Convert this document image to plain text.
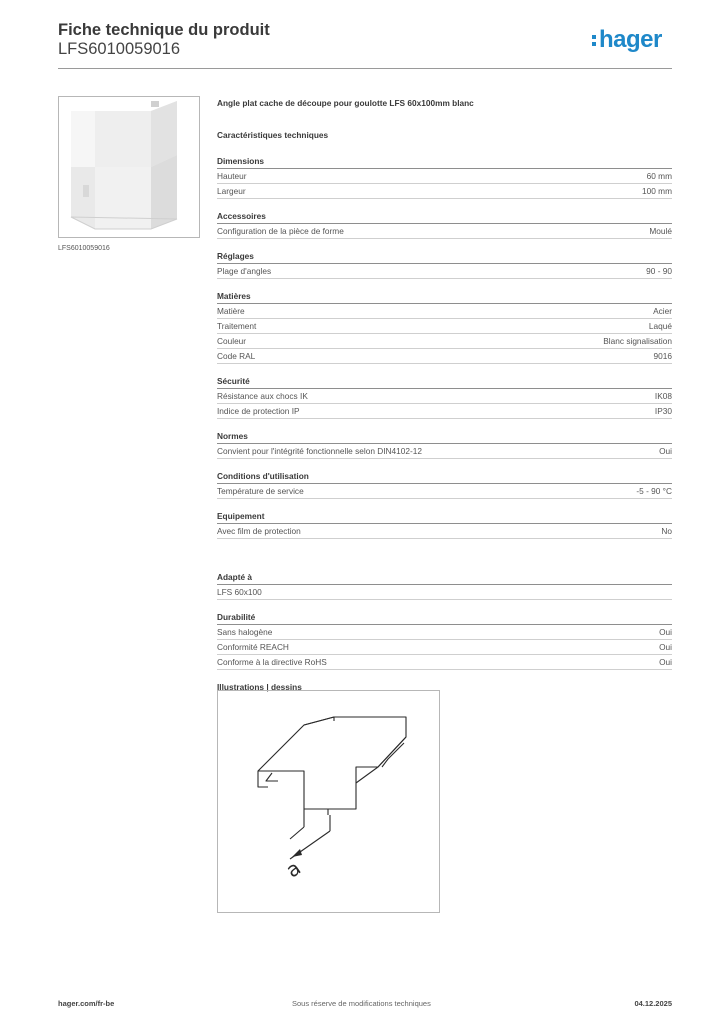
Fiche technique du produit
LFS6010059016	hager
LFS6010059016
Angle plat cache de découpe pour goulotte LFS 60x100mm blanc
Caractéristiques techniques
Dimensions
Hauteur	60 mm
Largeur	100 mm
Accessoires
Configuration de la pièce de forme	Moulé
Réglages
Plage d'angles	90 - 90
Matières
Matière	Acier
Traitement	Laqué
Couleur	Blanc signalisation
Code RAL	9016
Sécurité
Résistance aux chocs IK	IK08
Indice de protection IP	IP30
Normes
Convient pour l'intégrité fonctionnelle selon DIN4102-12	Oui
Conditions d'utilisation
Température de service	-5 - 90 °C
Equipement
Avec film de protection	No
Adapté à
LFS 60x100
Durabilité
Sans halogène	Oui
Conformité REACH	Oui
Conforme à la directive RoHS	Oui
Illustrations | dessins
a
hager.com/fr-be	Sous réserve de modifications techniques	04.12.2025
